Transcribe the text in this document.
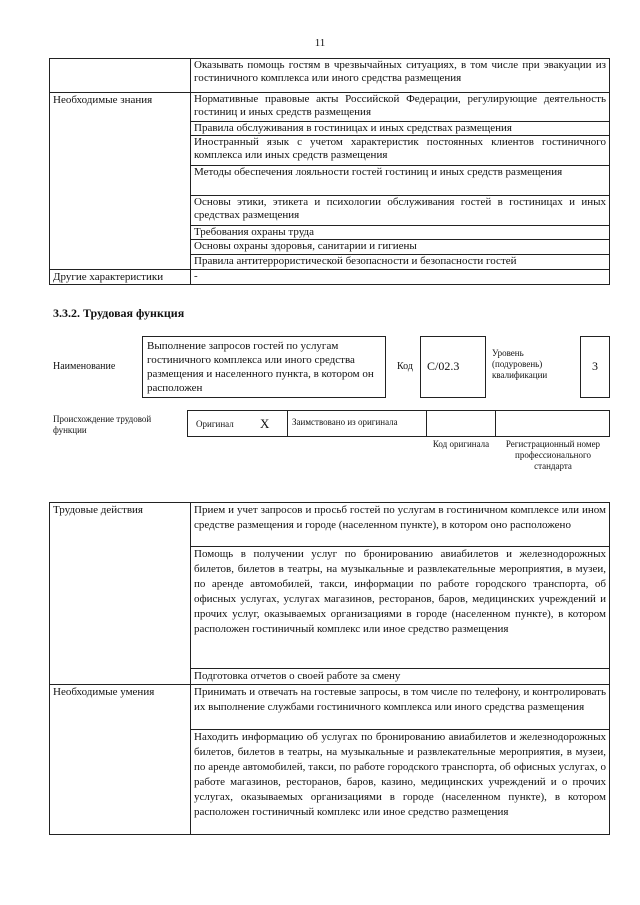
11
	Оказывать помощь гостям в чрезвычайных ситуациях, в том числе при эвакуации из гостиничного комплекса или иного средства размещения
Необходимые знания	Нормативные правовые акты Российской Федерации, регулирующие деятельность гостиниц и иных средств размещения
	Правила обслуживания в гостиницах и иных средствах размещения
	Иностранный язык с учетом характеристик постоянных клиентов гостиничного комплекса или иных средств размещения
	Методы обеспечения лояльности гостей гостиниц и иных средств размещения
	Основы этики, этикета и психологии обслуживания гостей в гостиницах и иных средствах размещения
	Требования охраны труда
	Основы охраны здоровья, санитарии и гигиены
	Правила антитеррористической безопасности и безопасности гостей
Другие характеристики	-
3.3.2. Трудовая функция
Наименование
Выполнение запросов гостей по услугам гостиничного комплекса или иного средства размещения и населенного пункта, в котором он расположен
Код	C/02.3
Уровень (подуровень) квалификации
3
Происхождение трудовой функции
Оригинал X	Заимствовано из оригинала
Код оригинала Регистрационный номер профессионального стандарта
Трудовые действия	Прием и учет запросов и просьб гостей по услугам в гостиничном комплексе или ином средстве размещения и городе (населенном пункте), в котором оно расположено
	Помощь в получении услуг по бронированию авиабилетов и железнодорожных билетов, билетов в театры, на музыкальные и развлекательные мероприятия, в музеи, по аренде автомобилей, такси, информации по работе городского транспорта, об офисных услугах, услугах магазинов, ресторанов, баров, медицинских учреждений и прочих услуг, оказываемых организациями в городе (населенном пункте), в котором расположен гостиничный комплекс или иное средство размещения
	Подготовка отчетов о своей работе за смену
Необходимые умения	Принимать и отвечать на гостевые запросы, в том числе по телефону, и контролировать их выполнение службами гостиничного комплекса или иного средства размещения
	Находить информацию об услугах по бронированию авиабилетов и железнодорожных билетов, билетов в театры, на музыкальные и развлекательные мероприятия, в музеи, по аренде автомобилей, такси, по работе городского транспорта, об офисных услугах, о работе магазинов, ресторанов, баров, казино, медицинских учреждений и о прочих услугах, оказываемых организациями в городе (населенном пункте), в котором расположен гостиничный комплекс или иное средство размещения
